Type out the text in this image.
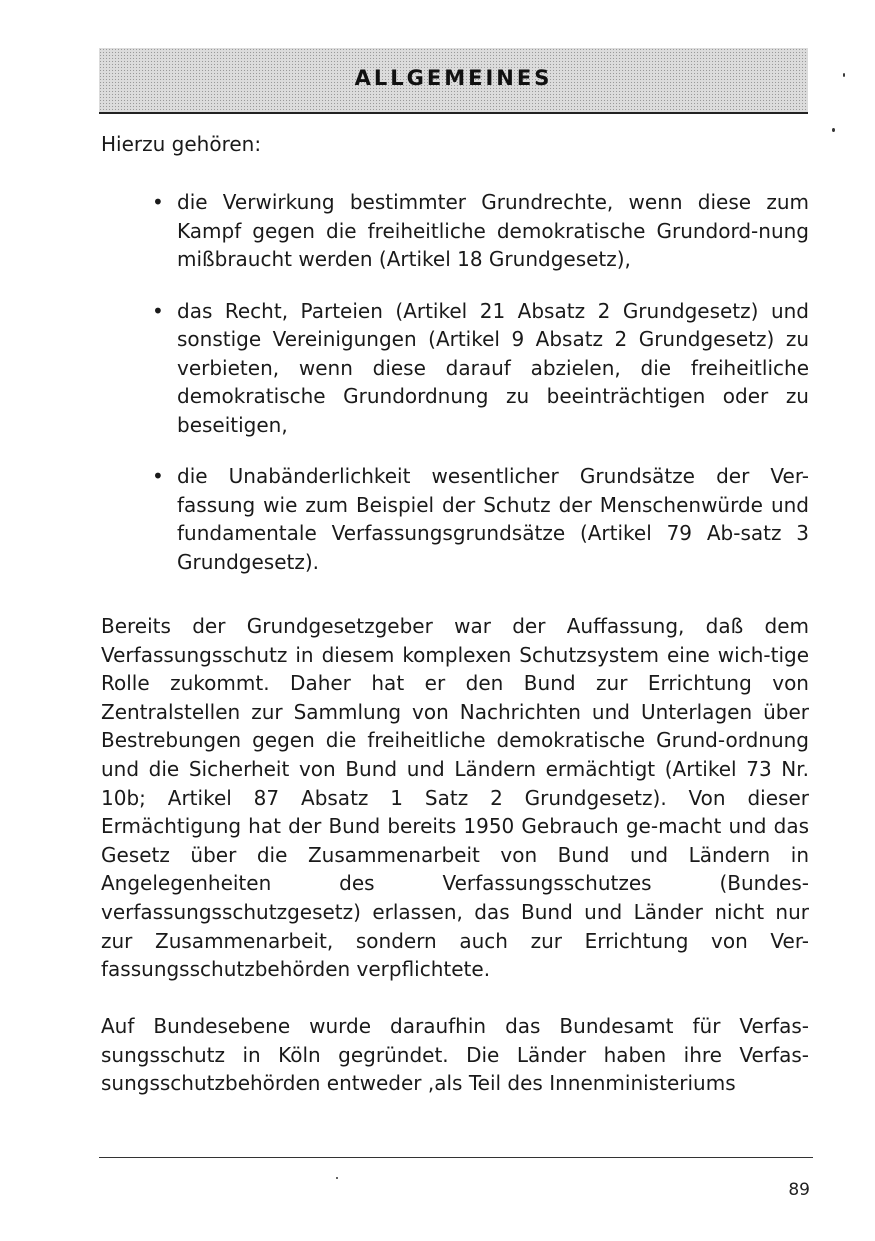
ALLGEMEINES

Hierzu gehören:

• die Verwirkung bestimmter Grundrechte, wenn diese zum Kampf gegen die freiheitliche demokratische Grundord-nung mißbraucht werden (Artikel 18 Grundgesetz),
• das Recht, Parteien (Artikel 21 Absatz 2 Grundgesetz) und sonstige Vereinigungen (Artikel 9 Absatz 2 Grundgesetz) zu verbieten, wenn diese darauf abzielen, die freiheitliche demokratische Grundordnung zu beeinträchtigen oder zu beseitigen,
• die Unabänderlichkeit wesentlicher Grundsätze der Ver-fassung wie zum Beispiel der Schutz der Menschenwürde und fundamentale Verfassungsgrundsätze (Artikel 79 Ab-satz 3 Grundgesetz).

Bereits der Grundgesetzgeber war der Auffassung, daß dem Verfassungsschutz in diesem komplexen Schutzsystem eine wich-tige Rolle zukommt. Daher hat er den Bund zur Errichtung von Zentralstellen zur Sammlung von Nachrichten und Unterlagen über Bestrebungen gegen die freiheitliche demokratische Grund-ordnung und die Sicherheit von Bund und Ländern ermächtigt (Artikel 73 Nr. 10b; Artikel 87 Absatz 1 Satz 2 Grundgesetz). Von dieser Ermächtigung hat der Bund bereits 1950 Gebrauch ge-macht und das Gesetz über die Zusammenarbeit von Bund und Ländern in Angelegenheiten des Verfassungsschutzes (Bundes-verfassungsschutzgesetz) erlassen, das Bund und Länder nicht nur zur Zusammenarbeit, sondern auch zur Errichtung von Ver-fassungsschutzbehörden verpflichtete.

Auf Bundesebene wurde daraufhin das Bundesamt für Verfas-sungsschutz in Köln gegründet. Die Länder haben ihre Verfas-sungsschutzbehörden entweder ,als Teil des Innenministeriums

89
